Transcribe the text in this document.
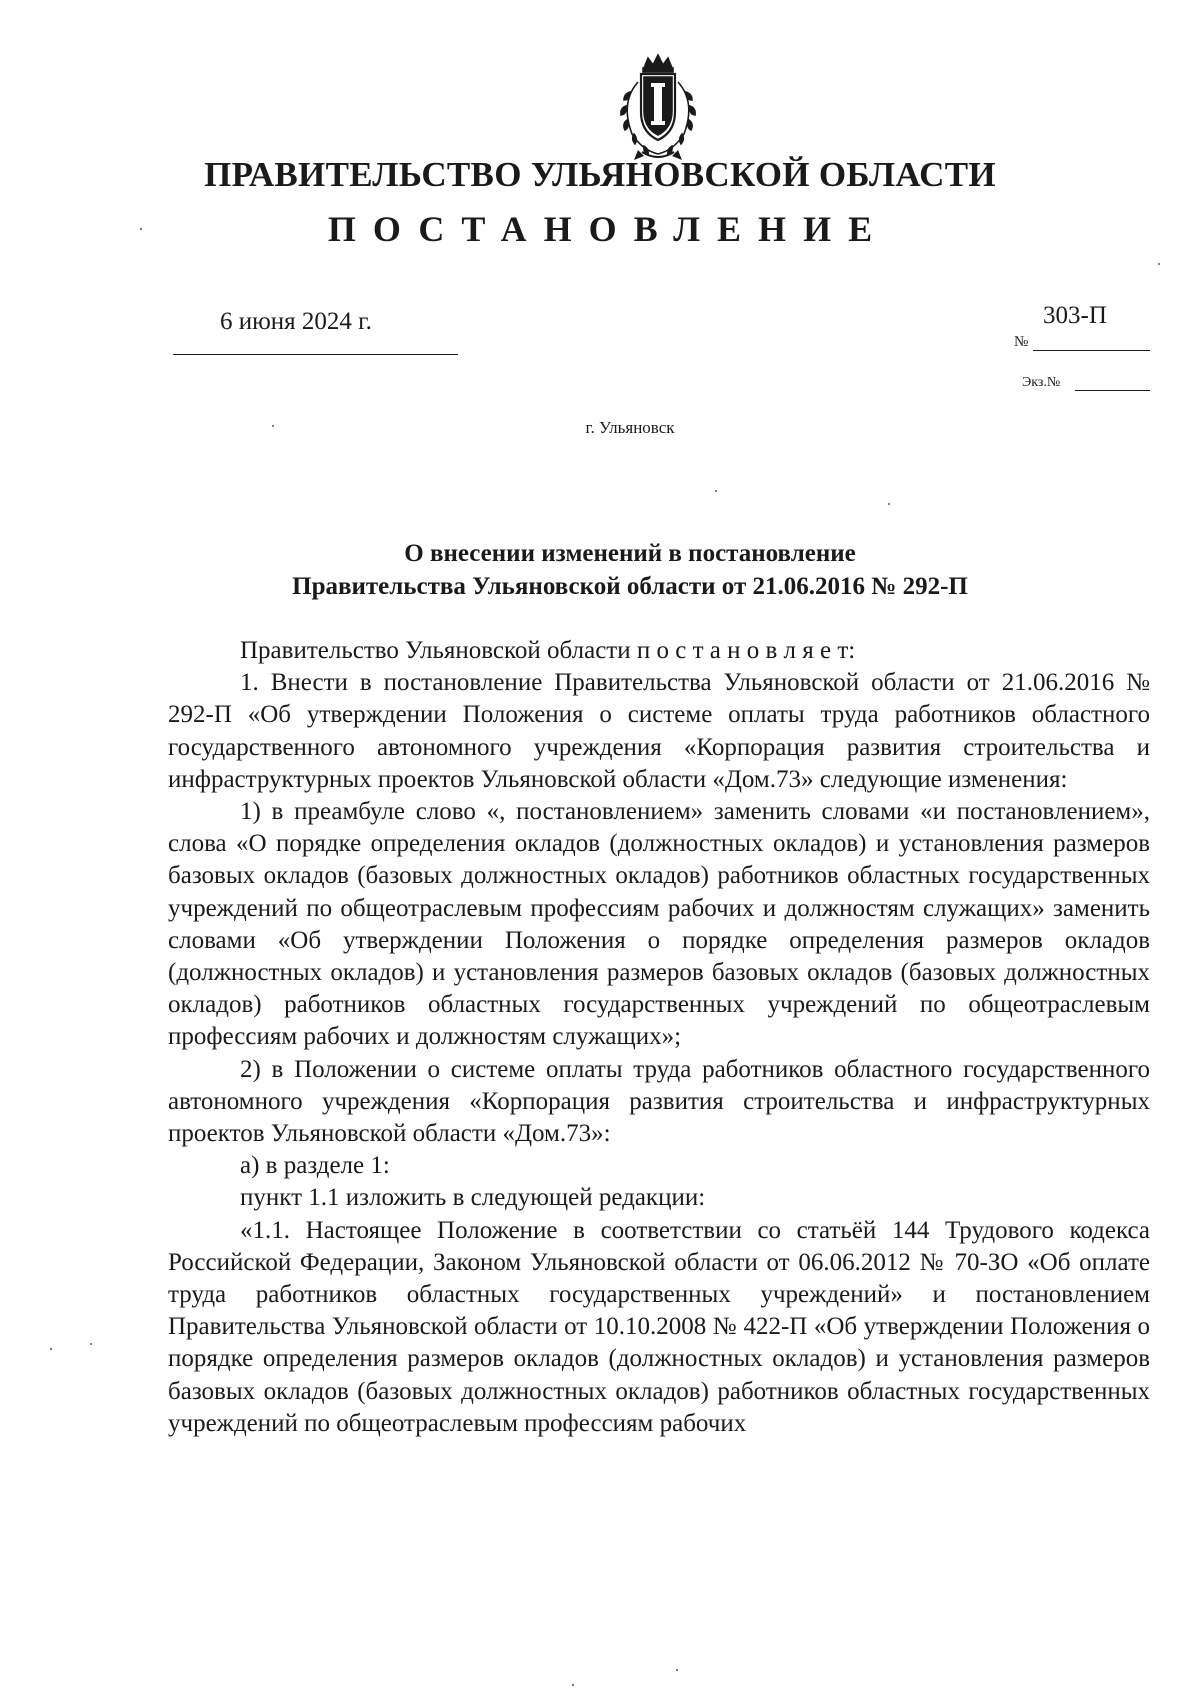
ПРАВИТЕЛЬСТВО УЛЬЯНОВСКОЙ ОБЛАСТИ
ПОСТАНОВЛЕНИЕ
6 июня 2024 г.	303-П
№
Экз.№
г. Ульяновск
О внесении изменений в постановление
Правительства Ульяновской области от 21.06.2016 № 292-П

Правительство Ульяновской области п о с т а н о в л я е т:

1. Внести в постановление Правительства Ульяновской области от 21.06.2016 № 292-П «Об утверждении Положения о системе оплаты труда работников областного государственного автономного учреждения «Корпорация развития строительства и инфраструктурных проектов Ульяновской области «Дом.73» следующие изменения:

1) в преамбуле слово «, постановлением» заменить словами «и постановлением», слова «О порядке определения окладов (должностных окладов) и установления размеров базовых окладов (базовых должностных окладов) работников областных государственных учреждений по общеотраслевым профессиям рабочих и должностям служащих» заменить словами «Об утверждении Положения о порядке определения размеров окладов (должностных окладов) и установления размеров базовых окладов (базовых должностных окладов) работников областных государственных учреждений по общеотраслевым профессиям рабочих и должностям служащих»;

2) в Положении о системе оплаты труда работников областного государственного автономного учреждения «Корпорация развития строительства и инфраструктурных проектов Ульяновской области «Дом.73»:

а) в разделе 1:

пункт 1.1 изложить в следующей редакции:

«1.1. Настоящее Положение в соответствии со статьёй 144 Трудового кодекса Российской Федерации, Законом Ульяновской области от 06.06.2012 № 70-ЗО «Об оплате труда работников областных государственных учреждений» и постановлением Правительства Ульяновской области от 10.10.2008 № 422-П «Об утверждении Положения о порядке определения размеров окладов (должностных окладов) и установления размеров базовых окладов (базовых должностных окладов) работников областных государственных учреждений по общеотраслевым профессиям рабочих
